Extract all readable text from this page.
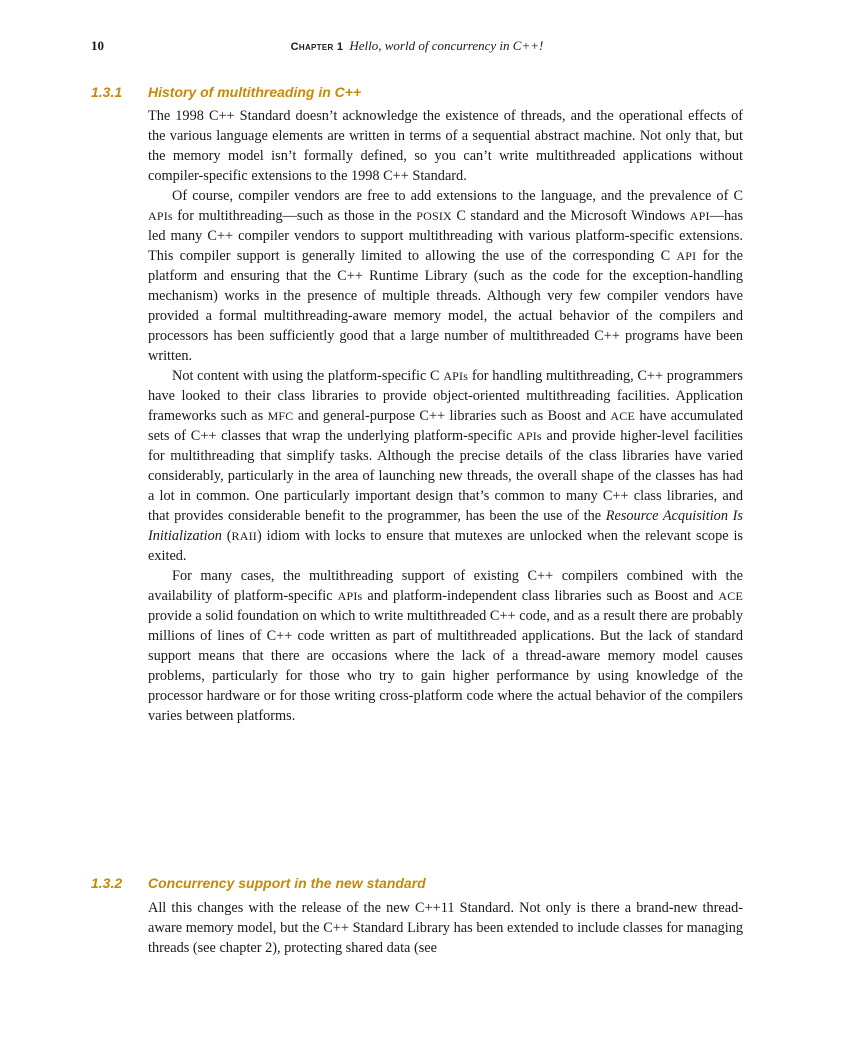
10	Chapter 1 Hello, world of concurrency in C++!
1.3.1 History of multithreading in C++

The 1998 C++ Standard doesn’t acknowledge the existence of threads, and the operational effects of the various language elements are written in terms of a sequential abstract machine. Not only that, but the memory model isn’t formally defined, so you can’t write multithreaded applications without compiler-specific extensions to the 1998 C++ Standard.

Of course, compiler vendors are free to add extensions to the language, and the prevalence of C APIs for multithreading—such as those in the POSIX C standard and the Microsoft Windows API—has led many C++ compiler vendors to support multithreading with various platform-specific extensions. This compiler support is generally limited to allowing the use of the corresponding C API for the platform and ensuring that the C++ Runtime Library (such as the code for the exception-handling mechanism) works in the presence of multiple threads. Although very few compiler vendors have provided a formal multithreading-aware memory model, the actual behavior of the compilers and processors has been sufficiently good that a large number of multithreaded C++ programs have been written.

Not content with using the platform-specific C APIs for handling multithreading, C++ programmers have looked to their class libraries to provide object-oriented multithreading facilities. Application frameworks such as MFC and general-purpose C++ libraries such as Boost and ACE have accumulated sets of C++ classes that wrap the underlying platform-specific APIs and provide higher-level facilities for multithreading that simplify tasks. Although the precise details of the class libraries have varied considerably, particularly in the area of launching new threads, the overall shape of the classes has had a lot in common. One particularly important design that’s common to many C++ class libraries, and that provides considerable benefit to the programmer, has been the use of the Resource Acquisition Is Initialization (RAII) idiom with locks to ensure that mutexes are unlocked when the relevant scope is exited.

For many cases, the multithreading support of existing C++ compilers combined with the availability of platform-specific APIs and platform-independent class libraries such as Boost and ACE provide a solid foundation on which to write multithreaded C++ code, and as a result there are probably millions of lines of C++ code written as part of multithreaded applications. But the lack of standard support means that there are occasions where the lack of a thread-aware memory model causes problems, particularly for those who try to gain higher performance by using knowledge of the processor hardware or for those writing cross-platform code where the actual behavior of the compilers varies between platforms.

1.3.2 Concurrency support in the new standard

All this changes with the release of the new C++11 Standard. Not only is there a brand-new thread-aware memory model, but the C++ Standard Library has been extended to include classes for managing threads (see chapter 2), protecting shared data (see
